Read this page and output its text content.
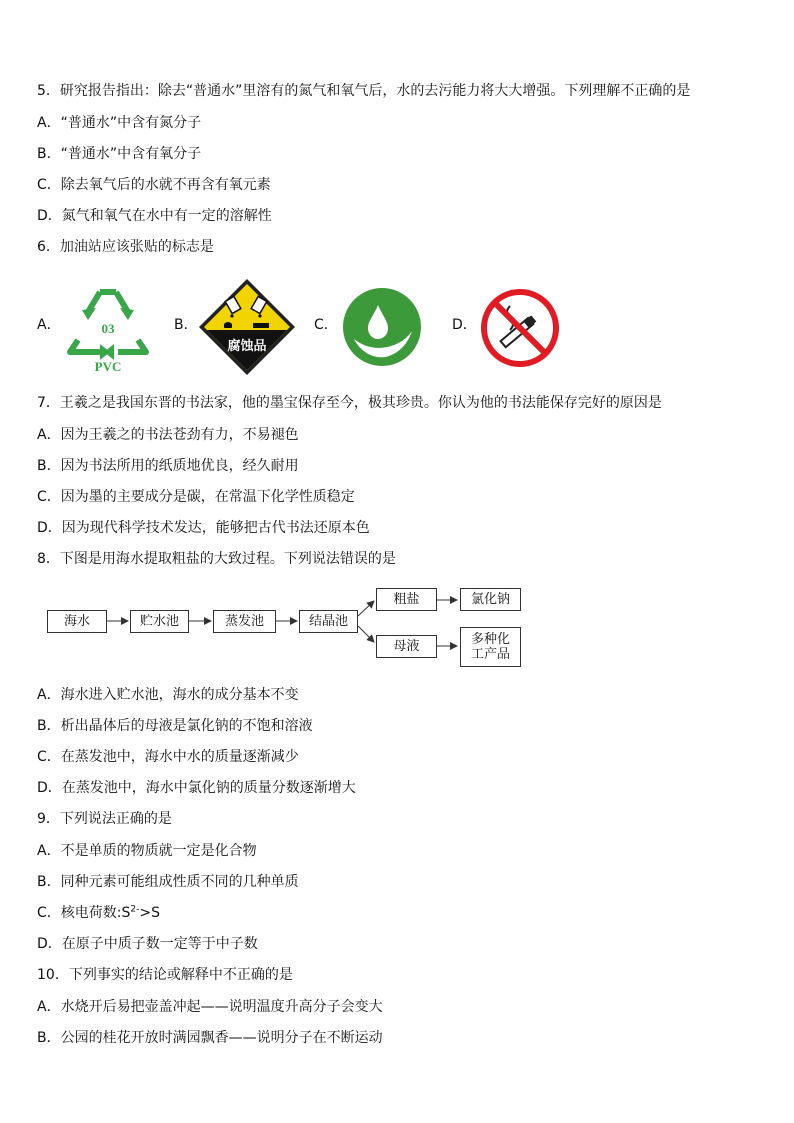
5．研究报告指出：除去“普通水”里溶有的氮气和氧气后，水的去污能力将大大增强。下列理解不正确的是
A．“普通水”中含有氮分子
B．“普通水”中含有氧分子
C．除去氧气后的水就不再含有氧元素
D．氮气和氧气在水中有一定的溶解性
6．加油站应该张贴的标志是
A．	03
PVC
B．
腐蚀品
C．	D．
7．王羲之是我国东晋的书法家，他的墨宝保存至今，极其珍贵。你认为他的书法能保存完好的原因是
A．因为王羲之的书法苍劲有力，不易褪色
B．因为书法所用的纸质地优良，经久耐用
C．因为墨的主要成分是碳，在常温下化学性质稳定
D．因为现代科学技术发达，能够把古代书法还原本色
8．下图是用海水提取粗盐的大致过程。下列说法错误的是
海水	贮水池	蒸发池	结晶池
粗盐	氯化钠
母液	多种化
工产品
A．海水进入贮水池，海水的成分基本不变
B．析出晶体后的母液是氯化钠的不饱和溶液
C．在蒸发池中，海水中水的质量逐渐减少
D．在蒸发池中，海水中氯化钠的质量分数逐渐增大
9．下列说法正确的是
A．不是单质的物质就一定是化合物
B．同种元素可能组成性质不同的几种单质
C．核电荷数$:S^{2-}>S$
D．在原子中质子数一定等于中子数
10．下列事实的结论或解释中不正确的是
A．水烧开后易把壶盖冲起——说明温度升高分子会变大
B．公园的桂花开放时满园飘香——说明分子在不断运动
